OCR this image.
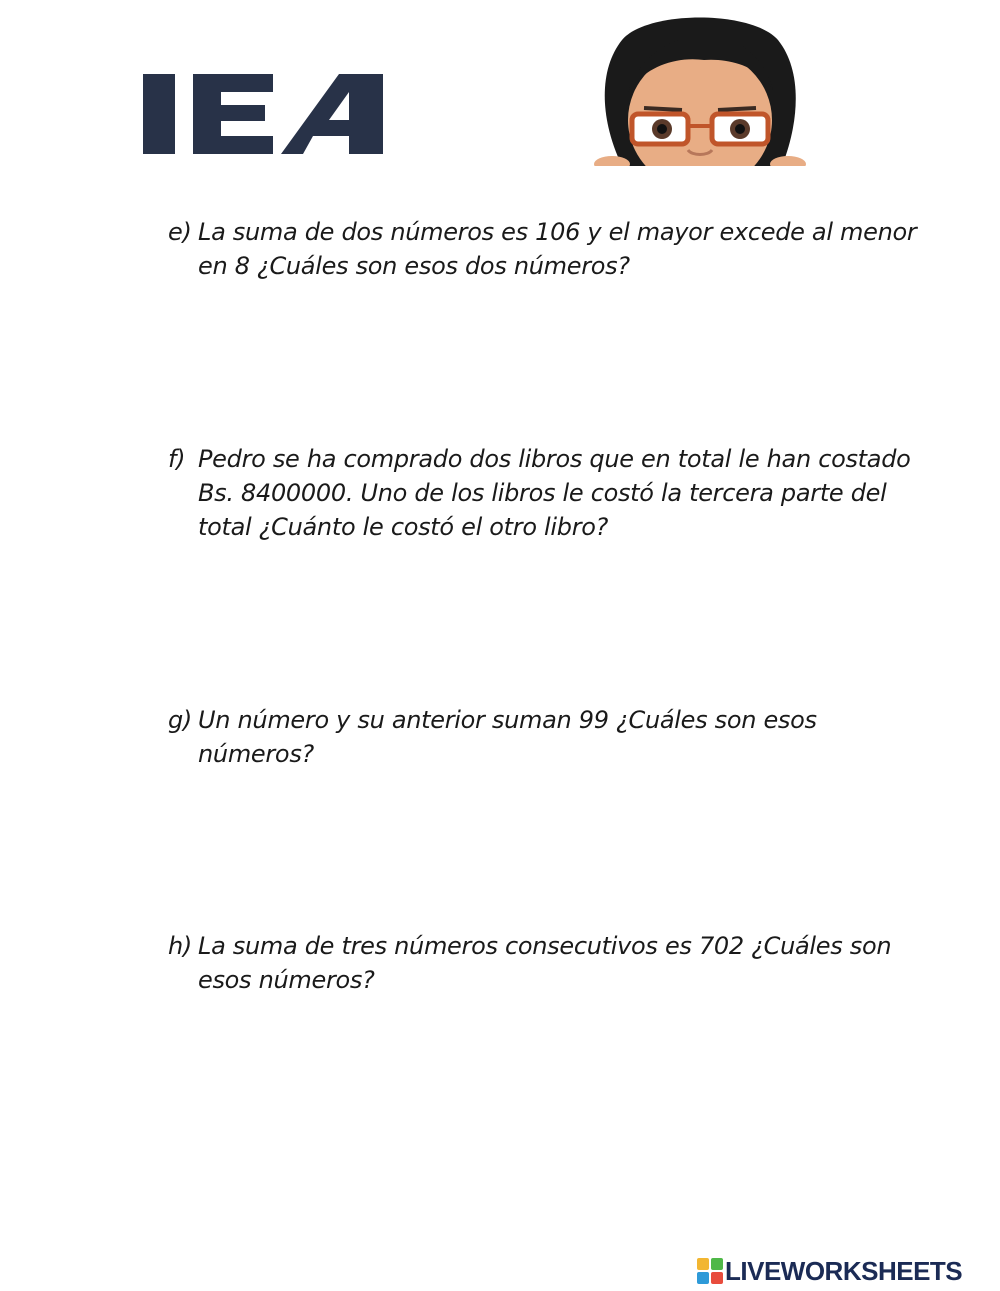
e) La suma de dos números es 106 y el mayor excede al menor
en 8 ¿Cuáles son esos dos números?
f) Pedro se ha comprado dos libros que en total le han costado
Bs. 8400000. Uno de los libros le costó la tercera parte del
total ¿Cuánto le costó el otro libro?
g) Un número y su anterior suman 99 ¿Cuáles son esos
números?
h) La suma de tres números consecutivos es 702 ¿Cuáles son
esos números?
LIVEWORKSHEETS
